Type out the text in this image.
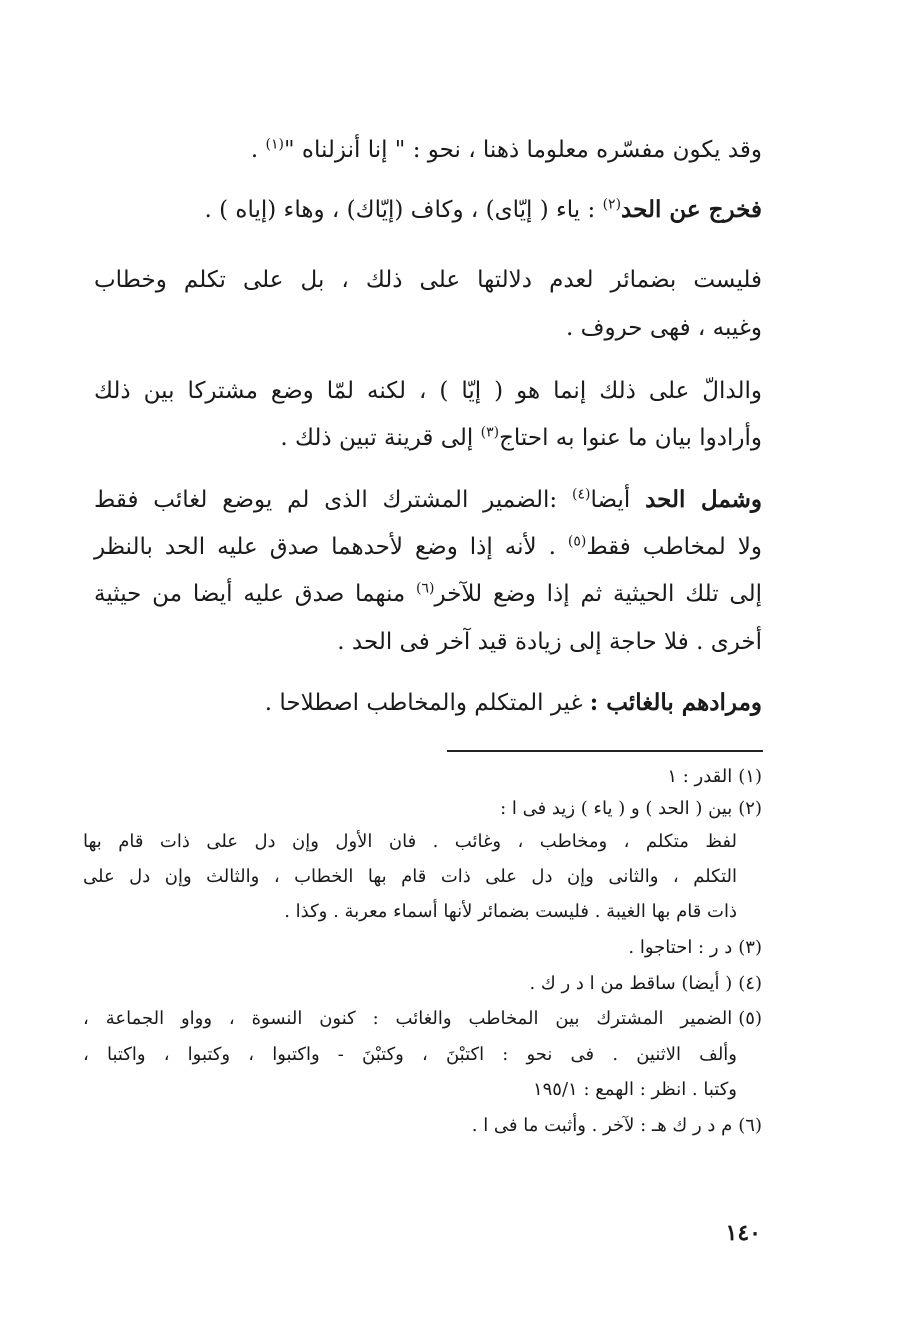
وقد يكون مفسّره معلوما ذهنا ، نحو : " إنا أنزلناه "$^{(١)}$ .
فخرج عن الحد$^{(٢)}$ : ياء ( إيّاى) ، وكاف (إيّاك) ، وهاء (إياه ) .
فليست بضمائر لعدم دلالتها على ذلك ، بل على تكلم وخطاب
وغيبه ، فهى حروف .
والدالّ على ذلك إنما هو ( إيّا ) ، لكنه لمّا وضع مشتركا بين ذلك
وأرادوا بيان ما عنوا به احتاج$^{(٣)}$ إلى قرينة تبين ذلك .
وشمل الحد أيضا$^{(٤)}$ :الضمير المشترك الذى لم يوضع لغائب فقط
ولا لمخاطب فقط$^{(٥)}$ . لأنه إذا وضع لأحدهما صدق عليه الحد بالنظر
إلى تلك الحيثية ثم إذا وضع للآخر$^{(٦)}$ منهما صدق عليه أيضا من حيثية
أخرى . فلا حاجة إلى زيادة قيد آخر فى الحد .
ومرادهم بالغائب : غير المتكلم والمخاطب اصطلاحا .
(١)القدر : ١
(٢)بين ( الحد ) و ( ياء ) زيد فى ا :
لفظ متكلم ، ومخاطب ، وغائب . فان الأول وإن دل على ذات قام بها
التكلم ، والثانى وإن دل على ذات قام بها الخطاب ، والثالث وإن دل على
ذات قام بها الغيبة . فليست بضمائر لأنها أسماء معربة . وكذا .
(٣)د ر : احتاجوا .
(٤)( أيضا) ساقط من ا د ر ك .
(٥)الضمير المشترك بين المخاطب والغائب : كنون النسوة ، وواو الجماعة ،
وألف الاثنين . فى نحو : اكتبْنَ ، وكتبْنَ - واكتبوا ، وكتبوا ، واكتبا ،
وكتبا . انظر : الهمع : ١٩٥/١
(٦)م د ر ك هـ : لآخر . وأثبت ما فى ا .
١٤٠
